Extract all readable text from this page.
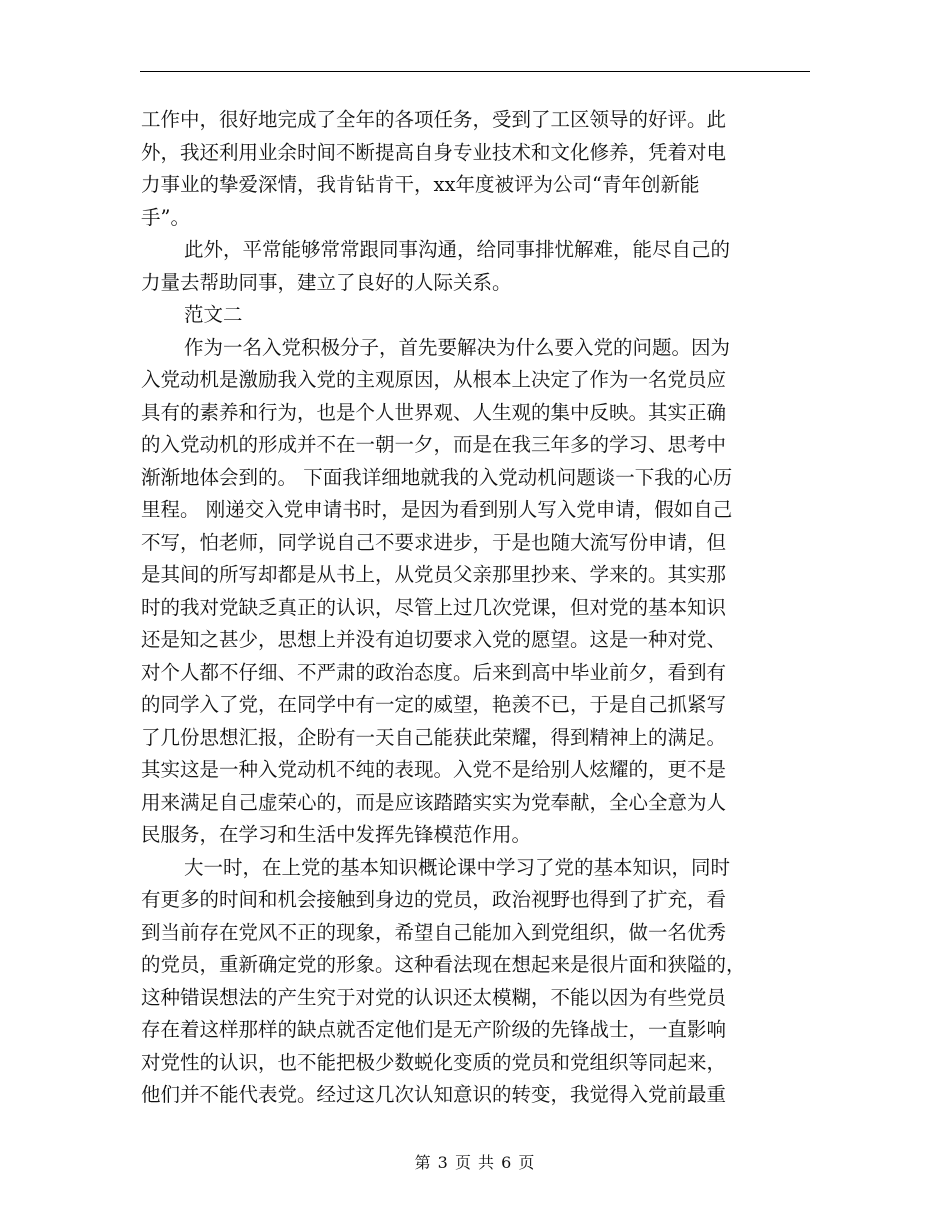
工作中，很好地完成了全年的各项任务，受到了工区领导的好评。此
外，我还利用业余时间不断提高自身专业技术和文化修养，凭着对电
力事业的挚爱深情，我肯钻肯干，xx年度被评为公司“青年创新能
手”。
此外，平常能够常常跟同事沟通，给同事排忧解难，能尽自己的
力量去帮助同事，建立了良好的人际关系。
范文二
作为一名入党积极分子，首先要解决为什么要入党的问题。因为
入党动机是激励我入党的主观原因，从根本上决定了作为一名党员应
具有的素养和行为，也是个人世界观、人生观的集中反映。其实正确
的入党动机的形成并不在一朝一夕，而是在我三年多的学习、思考中
渐渐地体会到的。 下面我详细地就我的入党动机问题谈一下我的心历
里程。 刚递交入党申请书时，是因为看到别人写入党申请，假如自己
不写，怕老师，同学说自己不要求进步，于是也随大流写份申请，但
是其间的所写却都是从书上，从党员父亲那里抄来、学来的。其实那
时的我对党缺乏真正的认识，尽管上过几次党课，但对党的基本知识
还是知之甚少，思想上并没有迫切要求入党的愿望。这是一种对党、
对个人都不仔细、不严肃的政治态度。后来到高中毕业前夕，看到有
的同学入了党，在同学中有一定的威望，艳羡不已，于是自己抓紧写
了几份思想汇报，企盼有一天自己能获此荣耀，得到精神上的满足。
其实这是一种入党动机不纯的表现。入党不是给别人炫耀的，更不是
用来满足自己虚荣心的，而是应该踏踏实实为党奉献，全心全意为人
民服务，在学习和生活中发挥先锋模范作用。
大一时，在上党的基本知识概论课中学习了党的基本知识，同时
有更多的时间和机会接触到身边的党员，政治视野也得到了扩充，看
到当前存在党风不正的现象，希望自己能加入到党组织，做一名优秀
的党员，重新确定党的形象。这种看法现在想起来是很片面和狭隘的，
这种错误想法的产生究于对党的认识还太模糊，不能以因为有些党员
存在着这样那样的缺点就否定他们是无产阶级的先锋战士，一直影响
对党性的认识，也不能把极少数蜕化变质的党员和党组织等同起来，
他们并不能代表党。经过这几次认知意识的转变，我觉得入党前最重
第 3 页 共 6 页
